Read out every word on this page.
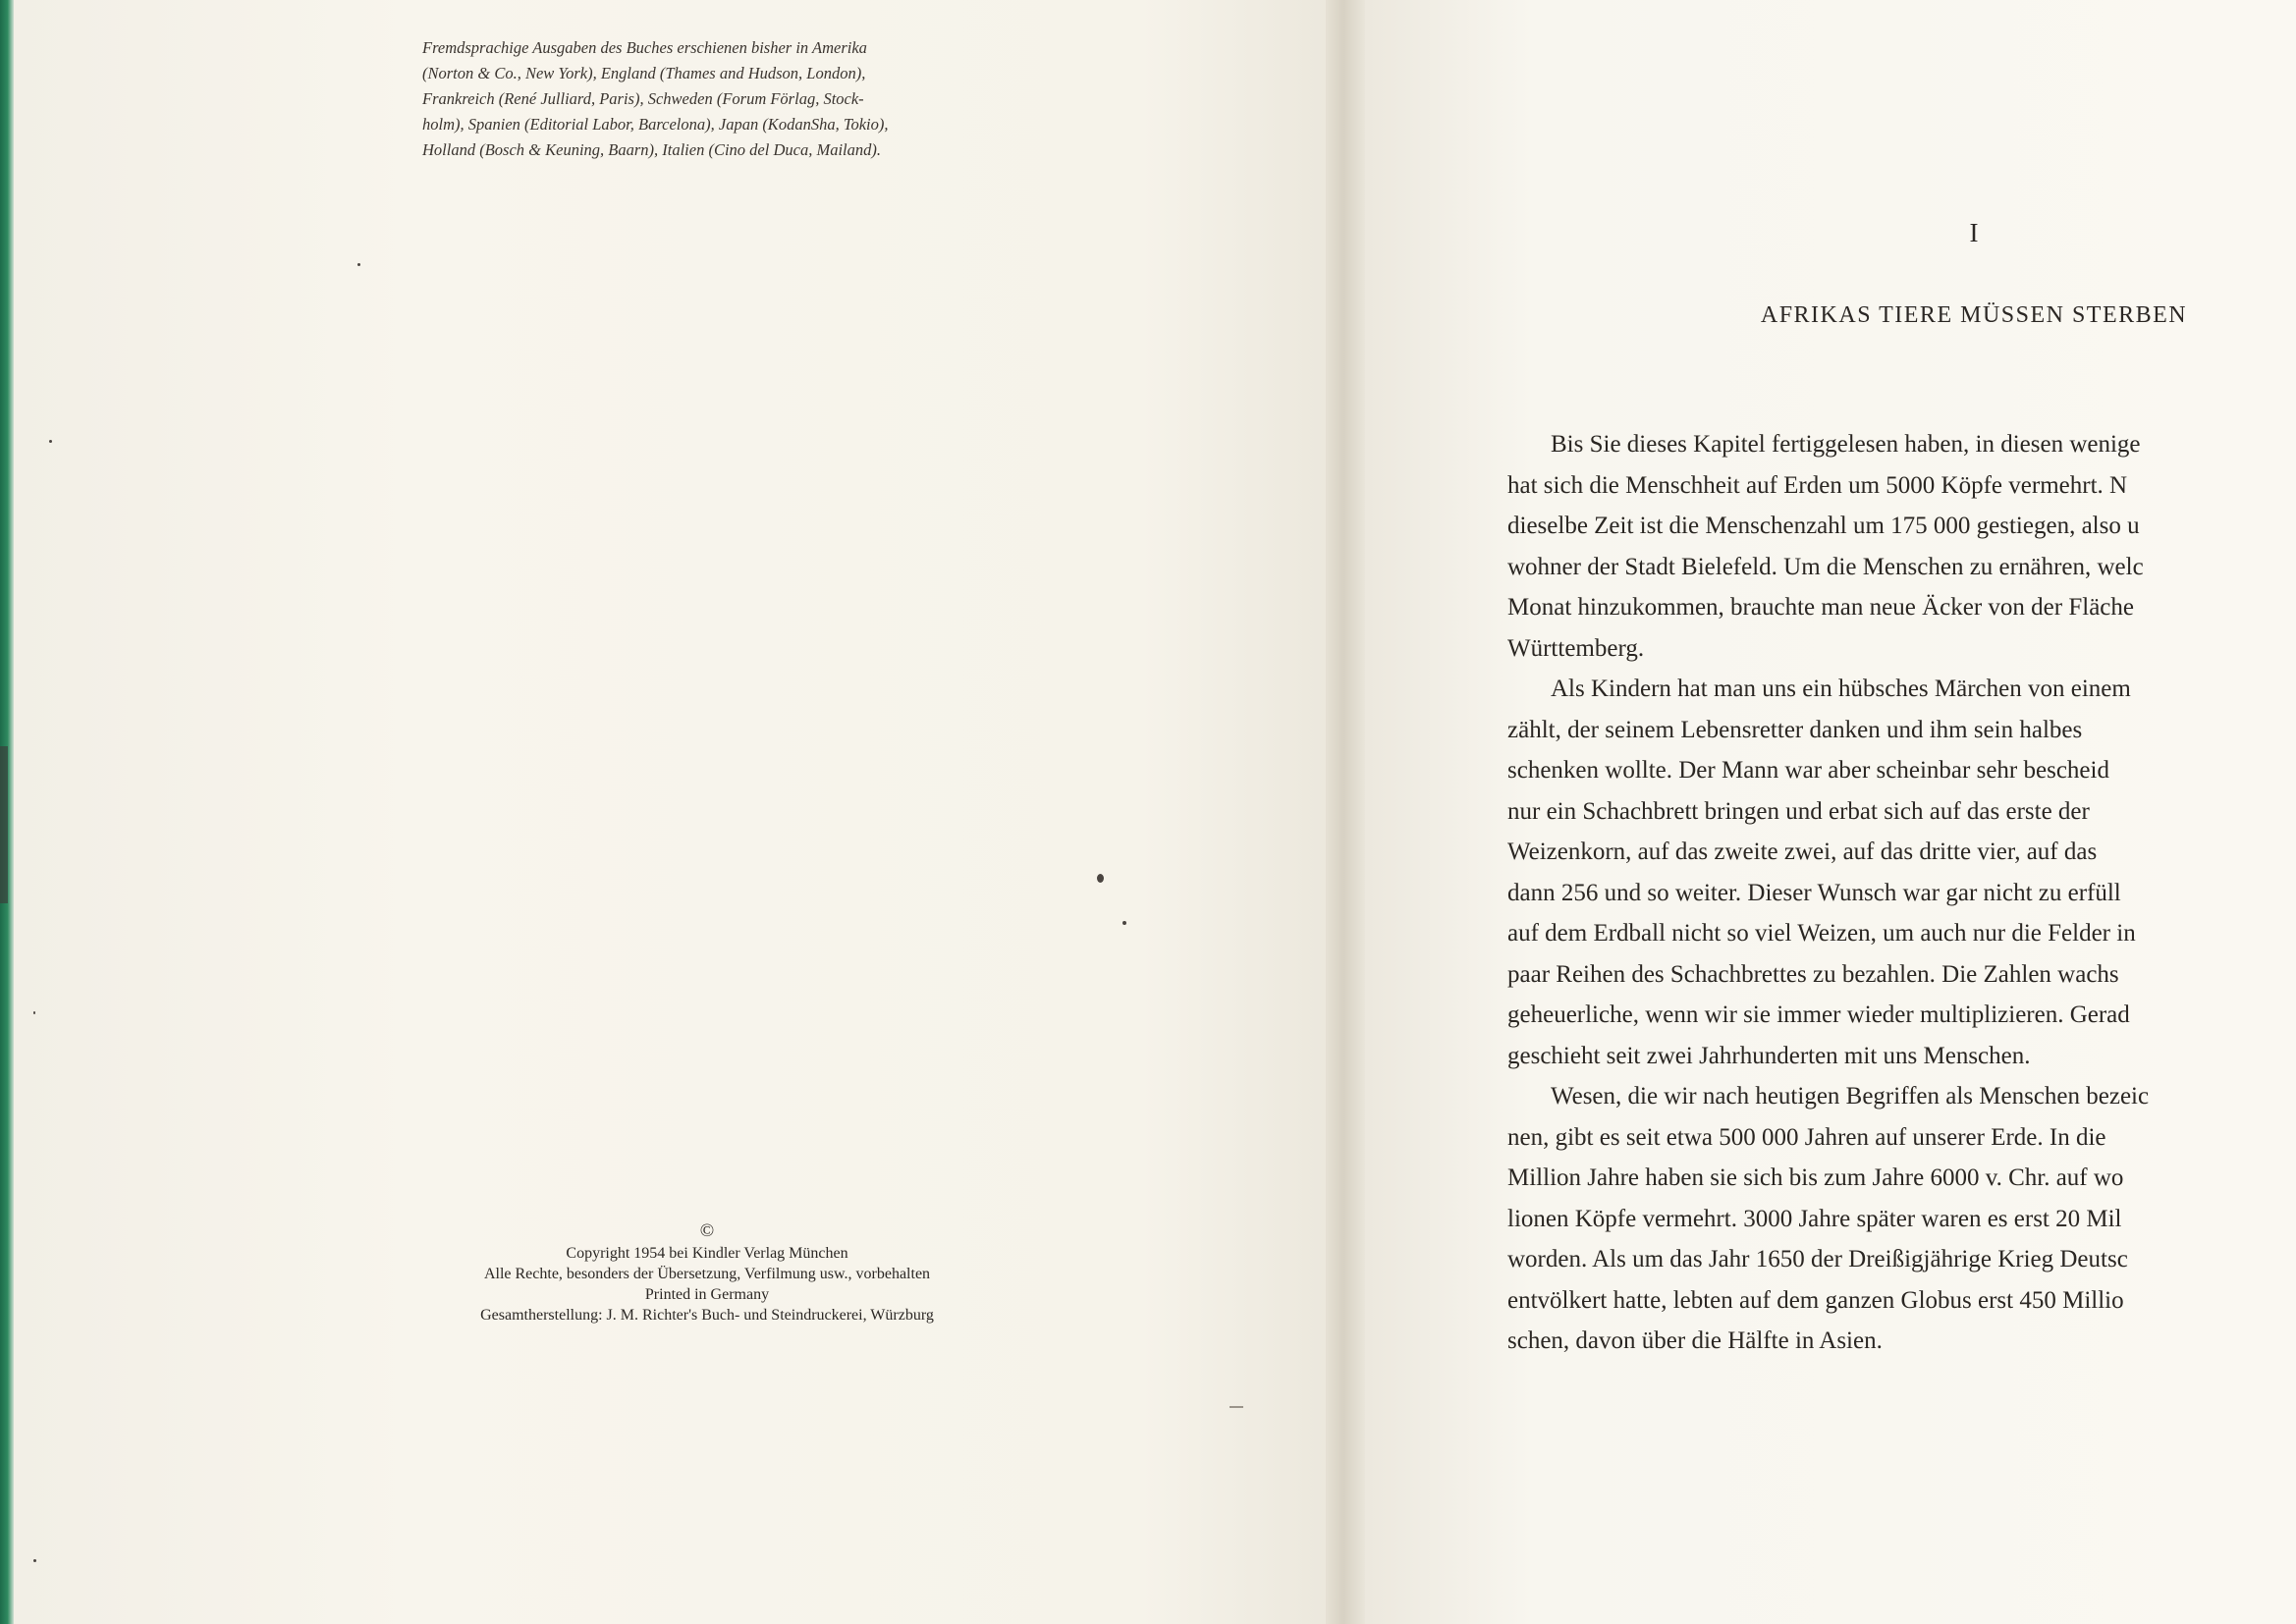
Fremdsprachige Ausgaben des Buches erschienen bisher in Amerika
(Norton & Co., New York), England (Thames and Hudson, London),
Frankreich (René Julliard, Paris), Schweden (Forum Förlag, Stock-
holm), Spanien (Editorial Labor, Barcelona), Japan (KodanSha, Tokio),
Holland (Bosch & Keuning, Baarn), Italien (Cino del Duca, Mailand).
©
Copyright 1954 bei Kindler Verlag München
Alle Rechte, besonders der Übersetzung, Verfilmung usw., vorbehalten
Printed in Germany
Gesamtherstellung: J. M. Richter's Buch- und Steindruckerei, Würzburg
I
AFRIKAS TIERE MÜSSEN STERBEN
Bis Sie dieses Kapitel fertiggelesen haben, in diesen wenige
hat sich die Menschheit auf Erden um 5000 Köpfe vermehrt. N
dieselbe Zeit ist die Menschenzahl um 175 000 gestiegen, also u
wohner der Stadt Bielefeld. Um die Menschen zu ernähren, welc
Monat hinzukommen, brauchte man neue Äcker von der Fläche
Württemberg.
Als Kindern hat man uns ein hübsches Märchen von einem
zählt, der seinem Lebensretter danken und ihm sein halbes
schenken wollte. Der Mann war aber scheinbar sehr bescheid
nur ein Schachbrett bringen und erbat sich auf das erste der
Weizenkorn, auf das zweite zwei, auf das dritte vier, auf das
dann 256 und so weiter. Dieser Wunsch war gar nicht zu erfüll
auf dem Erdball nicht so viel Weizen, um auch nur die Felder in
paar Reihen des Schachbrettes zu bezahlen. Die Zahlen wachs
geheuerliche, wenn wir sie immer wieder multiplizieren. Gerad
geschieht seit zwei Jahrhunderten mit uns Menschen.
Wesen, die wir nach heutigen Begriffen als Menschen bezeic
nen, gibt es seit etwa 500 000 Jahren auf unserer Erde. In die
Million Jahre haben sie sich bis zum Jahre 6000 v. Chr. auf wo
lionen Köpfe vermehrt. 3000 Jahre später waren es erst 20 Mil
worden. Als um das Jahr 1650 der Dreißigjährige Krieg Deutsc
entvölkert hatte, lebten auf dem ganzen Globus erst 450 Millio
schen, davon über die Hälfte in Asien.
